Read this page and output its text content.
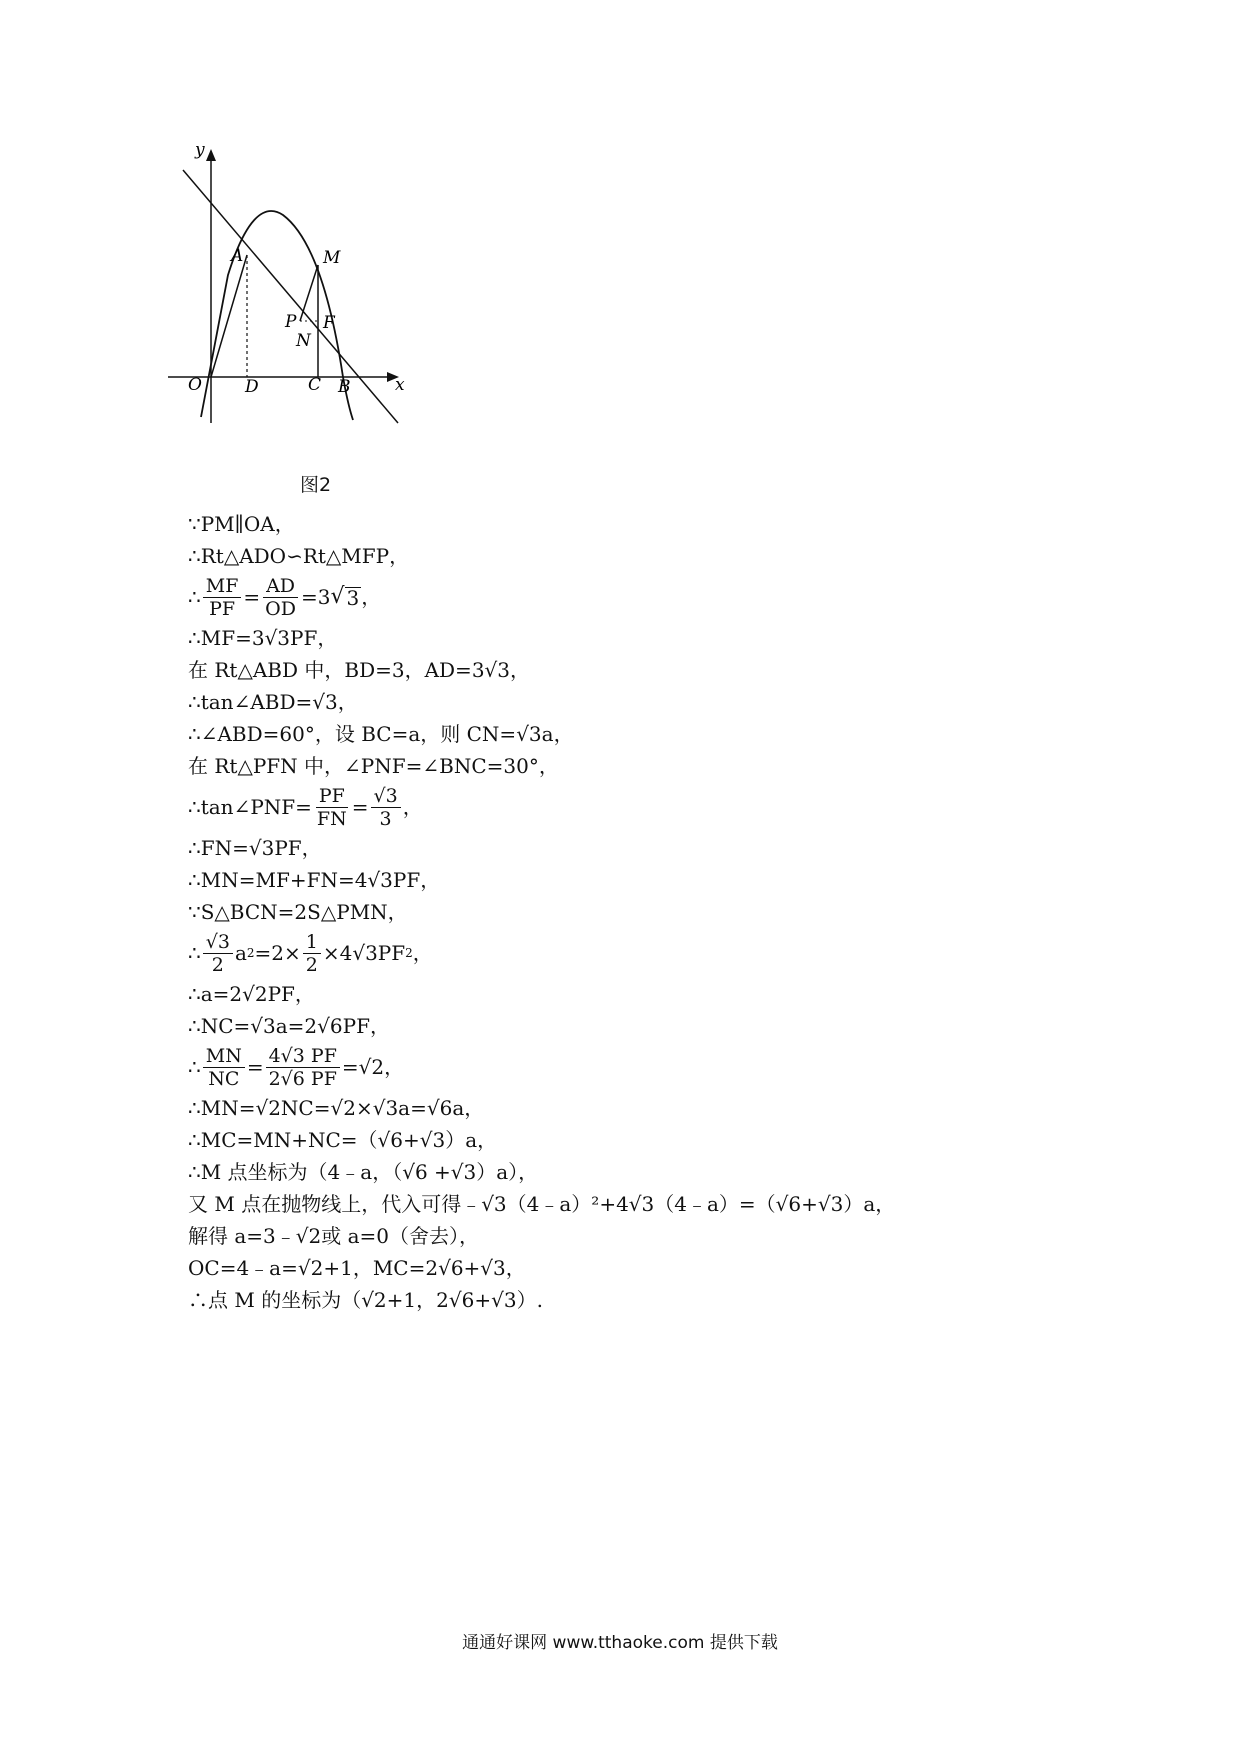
y
x
O
A
D
M
P F
N
C B
图2
∵PM∥OA，
∴Rt△ADO∽Rt△MFP，
∴ $\frac{MF}{PF} = \frac{AD}{OD} =3$ √ 3 ，
∴MF=3√3PF，
在 Rt△ABD 中，BD=3，AD=3√3，
∴tan∠ABD=√3，
∴∠ABD=60°，设 BC=a，则 CN=√3a，
在 Rt△PFN 中，∠PNF=∠BNC=30°，
∴tan∠PNF= $\frac{PF}{FN} = \frac{√3}{3}$ ，
∴FN=√3PF，
∴MN=MF+FN=4√3PF，
∵S△BCN=2S△PMN，
∴ $\frac{√3}{2}$ a $2 =2\times \frac{1}{2} \times 4√3PF$ 2 ，
∴a=2√2PF，
∴NC=√3a=2√6PF，
∴ $\frac{MN}{NC} = \frac{4√3 PF}{2√6 PF} =√2$，
∴MN=√2NC=√2×√3a=√6a，
∴MC=MN+NC=（√6+√3）a，
∴M 点坐标为（4﹣a，（√6 +√3）a），
又 M 点在抛物线上，代入可得﹣√3（4﹣a）²+4√3（4﹣a）=（√6+√3）a，
解得 a=3﹣√2或 a=0（舍去），
OC=4﹣a=√2+1，MC=2√6+√3，
∴点 M 的坐标为（√2+1，2√6+√3）.
通通好课网 www.tthaoke.com 提供下载
